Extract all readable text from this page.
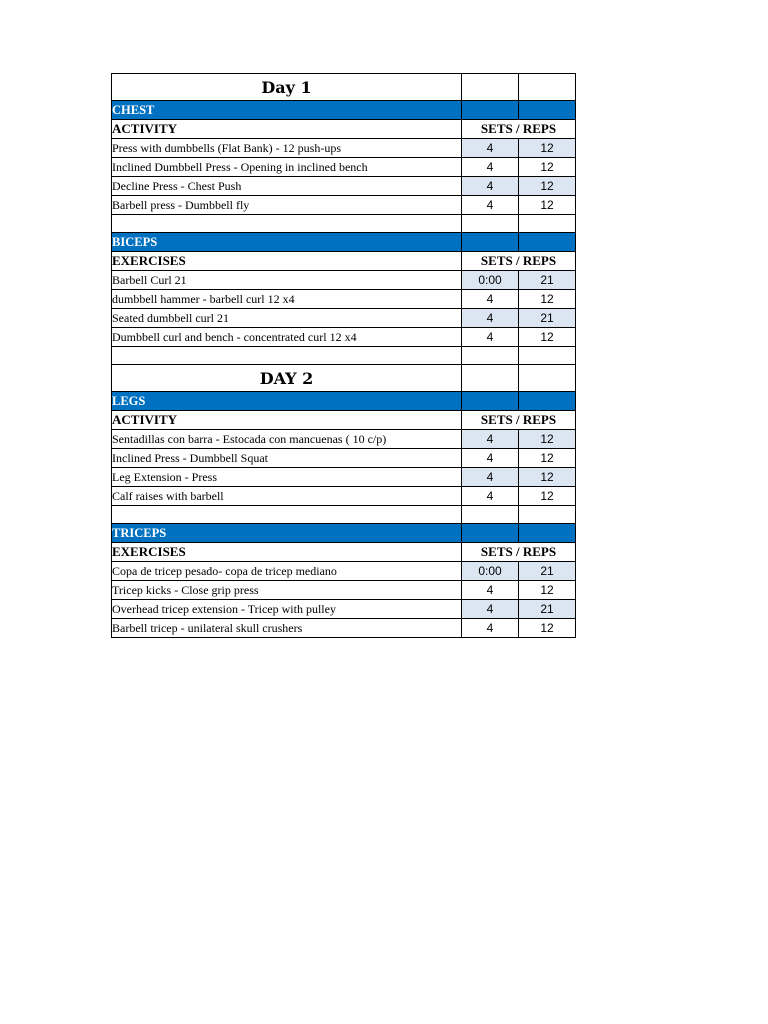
Day 1		
CHEST		
ACTIVITY	SETS / REPS	
Press with dumbbells (Flat Bank) - 12 push-ups	4	12
Inclined Dumbbell Press - Opening in inclined bench	4	12
Decline Press - Chest Push	4	12
Barbell press - Dumbbell fly	4	12

BICEPS		
EXERCISES	SETS / REPS	
Barbell Curl 21	0:00	21
dumbbell hammer - barbell curl 12 x4	4	12
Seated dumbbell curl 21	4	21
Dumbbell curl and bench - concentrated curl 12 x4	4	12

DAY 2		
LEGS		
ACTIVITY	SETS / REPS	
Sentadillas con barra - Estocada con mancuenas ( 10 c/p)	4	12
Inclined Press - Dumbbell Squat	4	12
Leg Extension - Press	4	12
Calf raises with barbell	4	12

TRICEPS		
EXERCISES	SETS / REPS	
Copa de tricep pesado- copa de tricep mediano	0:00	21
Tricep kicks - Close grip press	4	12
Overhead tricep extension - Tricep with pulley	4	21
Barbell tricep - unilateral skull crushers	4	12
